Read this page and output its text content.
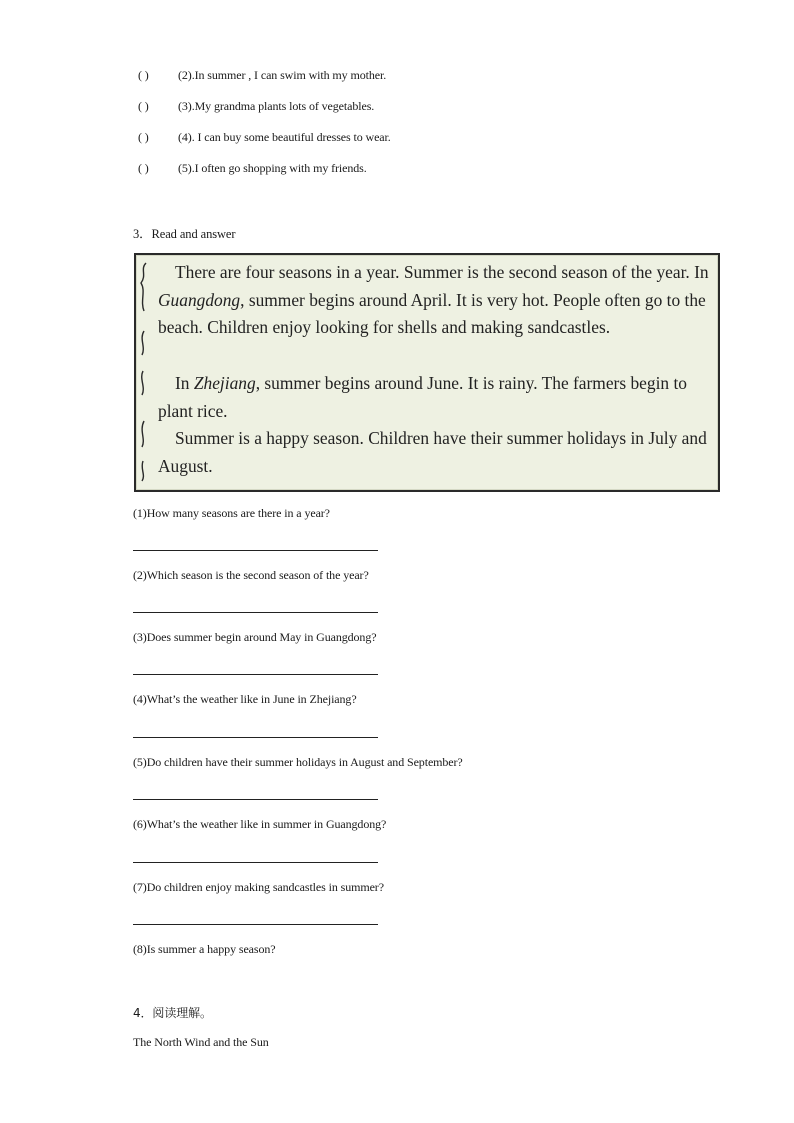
( ) (2).In summer , I can swim with my mother.
( ) (3).My grandma plants lots of vegetables.
( ) (4). I can buy some beautiful dresses to wear.
( ) (5).I often go shopping with my friends.
3．Read and answer

There are four seasons in a year. Summer is the second season of the year. In Guangdong, summer begins around April. It is very hot. People often go to the beach. Children enjoy looking for shells and making sandcastles.

In Zhejiang, summer begins around June. It is rainy. The farmers begin to plant rice.

Summer is a happy season. Children have their summer holidays in July and August.

(1)How many seasons are there in a year?
(2)Which season is the second season of the year?
(3)Does summer begin around May in Guangdong?
(4)What’s the weather like in June in Zhejiang?
(5)Do children have their summer holidays in August and September?
(6)What’s the weather like in summer in Guangdong?
(7)Do children enjoy making sandcastles in summer?
(8)Is summer a happy season?
4．阅读理解。
The North Wind and the Sun
